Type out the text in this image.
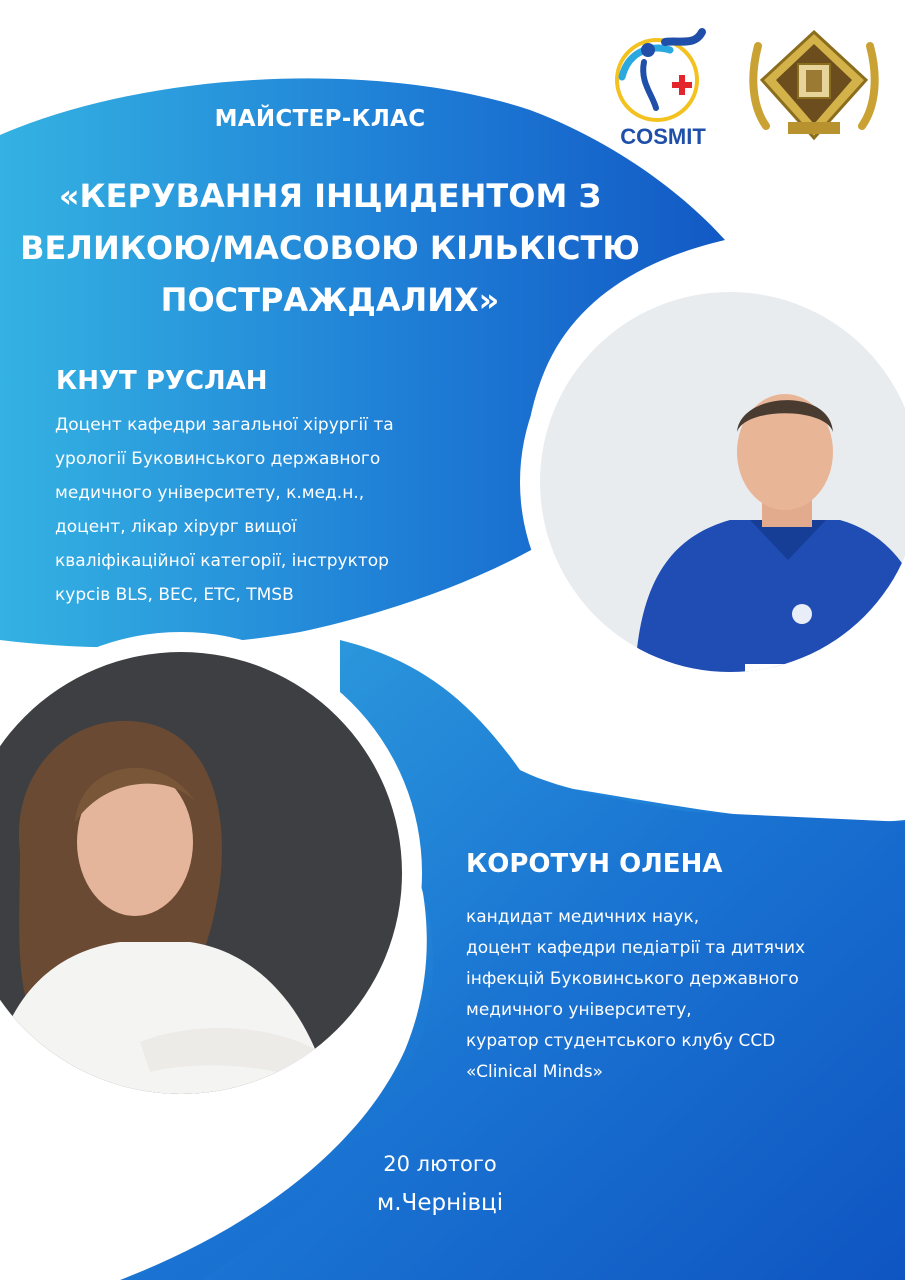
COSMIT
МАЙСТЕР-КЛАС
«КЕРУВАННЯ ІНЦИДЕНТОМ З
ВЕЛИКОЮ/МАСОВОЮ КІЛЬКІСТЮ
ПОСТРАЖДАЛИХ»
КНУТ РУСЛАН
Доцент кафедри загальної хірургії та
урології Буковинського державного
медичного університету, к.мед.н.,
доцент, лікар хірург вищої
кваліфікаційної категорії, інструктор
курсів BLS, BEC, ETC, TMSB
КОРОТУН ОЛЕНА
кандидат медичних наук,
доцент кафедри педіатрії та дитячих
інфекцій Буковинського державного
медичного університету,
куратор студентського клубу CCD
«Clinical Minds»
20 лютого
м.Чернівці
